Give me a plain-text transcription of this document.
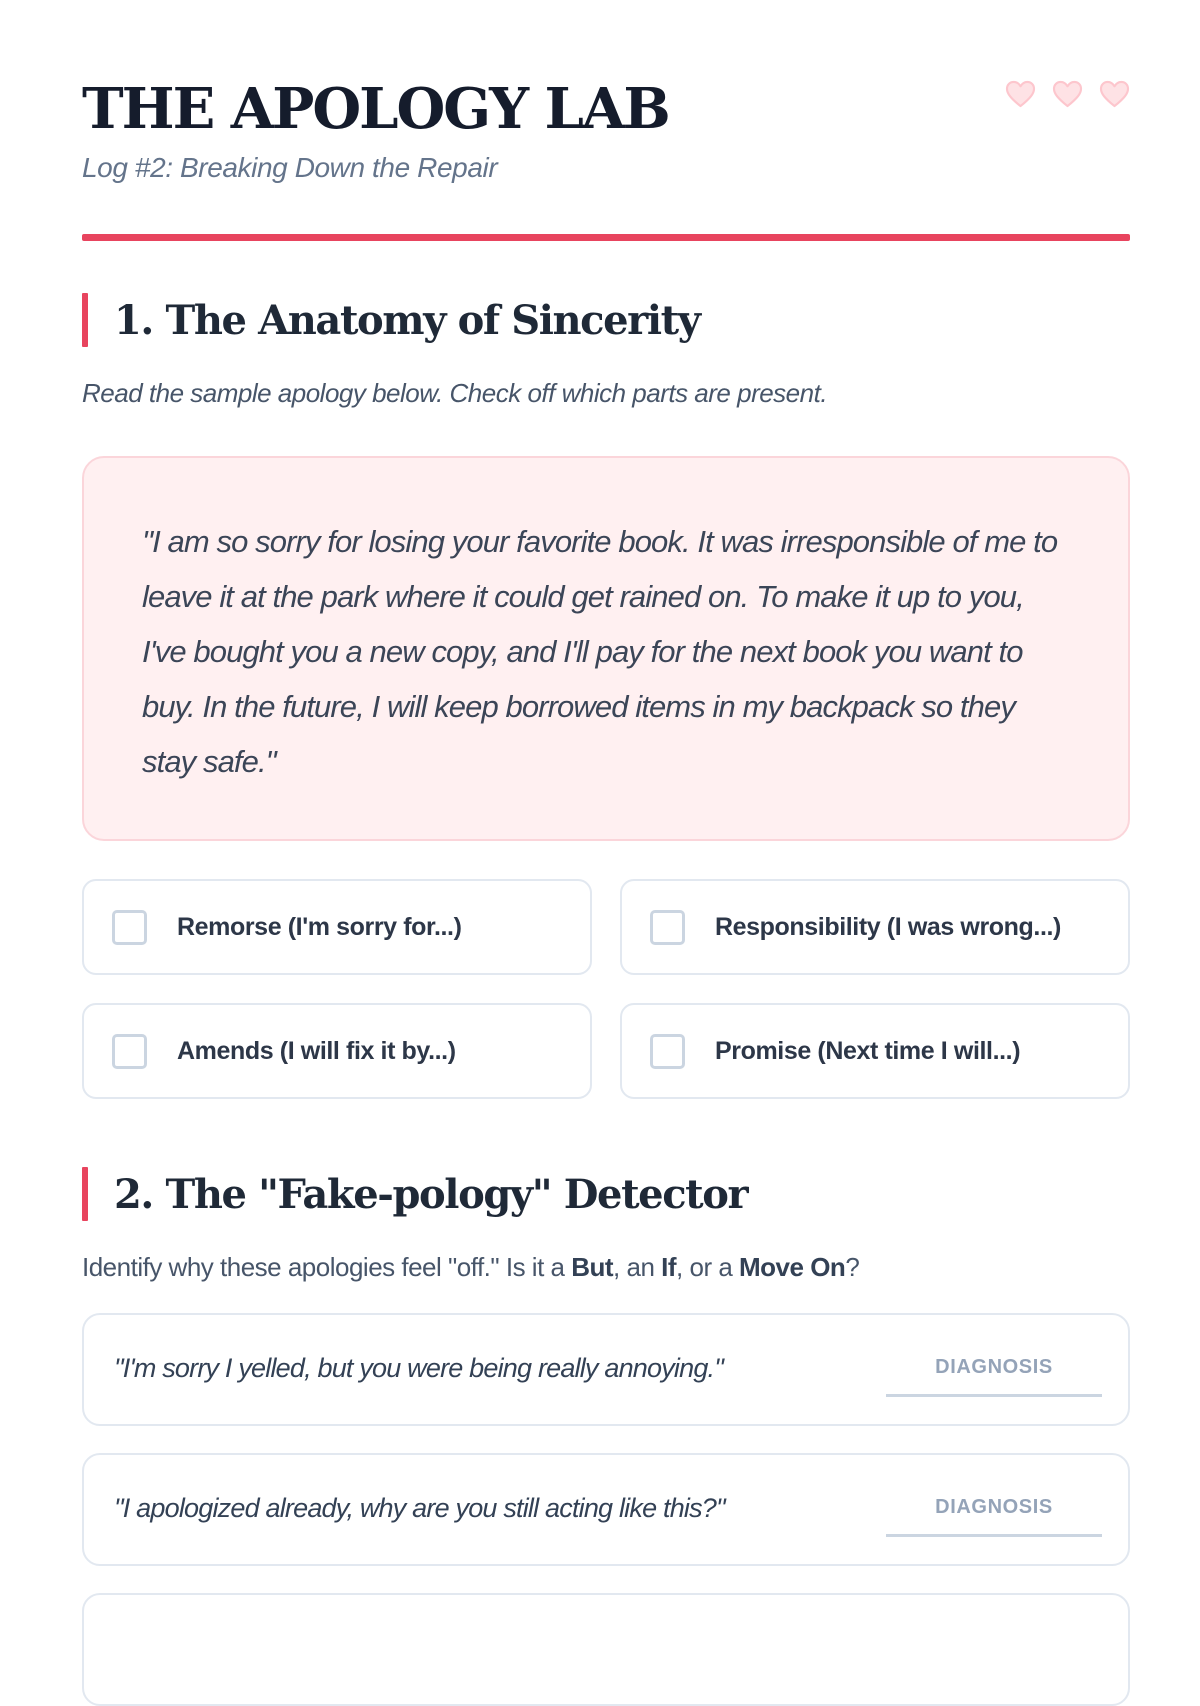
THE APOLOGY LAB
Log #2: Breaking Down the Repair
1. The Anatomy of Sincerity
Read the sample apology below. Check off which parts are present.

"I am so sorry for losing your favorite book. It was irresponsible of me to leave it at the park where it could get rained on. To make it up to you, I've bought you a new copy, and I'll pay for the next book you want to buy. In the future, I will keep borrowed items in my backpack so they stay safe."

Remorse (I'm sorry for...)	Responsibility (I was wrong...)
Amends (I will fix it by...)	Promise (Next time I will...)
2. The "Fake-pology" Detector
Identify why these apologies feel "off." Is it a But, an If, or a Move On?
"I'm sorry I yelled, but you were being really annoying."
DIAGNOSIS
"I apologized already, why are you still acting like this?"
DIAGNOSIS
